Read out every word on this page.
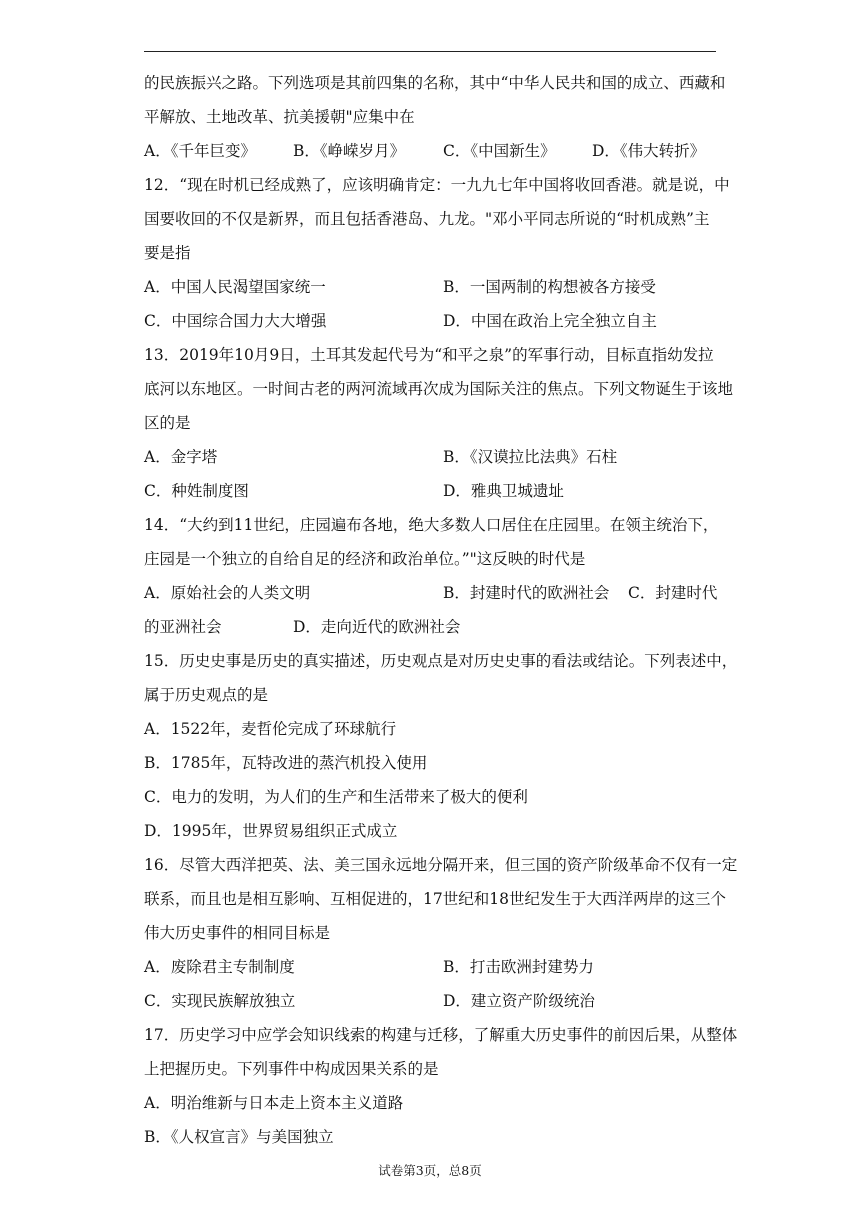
的民族振兴之路。下列选项是其前四集的名称，其中“中华人民共和国的成立、西藏和
平解放、土地改革、抗美援朝"应集中在
A．《千年巨变》 B．《峥嵘岁月》 C．《中国新生》 D．《伟大转折》
12．“现在时机已经成熟了，应该明确肯定：一九九七年中国将收回香港。就是说，中
国要收回的不仅是新界，而且包括香港岛、九龙。"邓小平同志所说的“时机成熟”主
要是指
A．中国人民渴望国家统一	B．一国两制的构想被各方接受
C．中国综合国力大大增强	D．中国在政治上完全独立自主
13．2019年10月9日，土耳其发起代号为“和平之泉”的军事行动，目标直指幼发拉
底河以东地区。一时间古老的两河流域再次成为国际关注的焦点。下列文物诞生于该地
区的是
A．金字塔	B．《汉谟拉比法典》石柱
C．种姓制度图	D．雅典卫城遗址
14．“大约到11世纪，庄园遍布各地，绝大多数人口居住在庄园里。在领主统治下，
庄园是一个独立的自给自足的经济和政治单位。”"这反映的时代是
A．原始社会的人类文明	B．封建时代的欧洲社会 C．封建时代
的亚洲社会	D．走向近代的欧洲社会
15．历史史事是历史的真实描述，历史观点是对历史史事的看法或结论。下列表述中，
属于历史观点的是
A．1522年，麦哲伦完成了环球航行
B．1785年，瓦特改进的蒸汽机投入使用
C．电力的发明，为人们的生产和生活带来了极大的便利
D．1995年，世界贸易组织正式成立
16．尽管大西洋把英、法、美三国永远地分隔开来，但三国的资产阶级革命不仅有一定
联系，而且也是相互影响、互相促进的，17世纪和18世纪发生于大西洋两岸的这三个
伟大历史事件的相同目标是
A．废除君主专制制度	B．打击欧洲封建势力
C．实现民族解放独立	D．建立资产阶级统治
17．历史学习中应学会知识线索的构建与迁移，了解重大历史事件的前因后果，从整体
上把握历史。下列事件中构成因果关系的是
A．明治维新与日本走上资本主义道路
B．《人权宣言》与美国独立
试卷第3页，总8页
